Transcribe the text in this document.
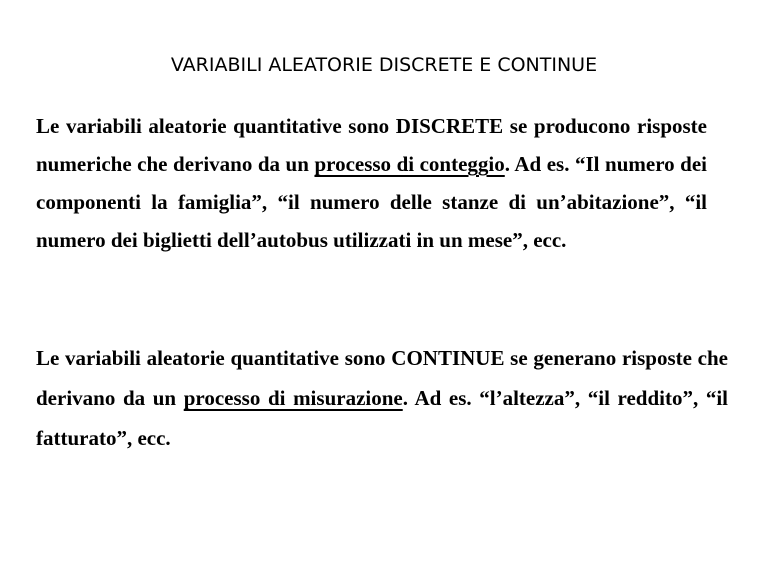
VARIABILI ALEATORIE DISCRETE E CONTINUE
Le variabili aleatorie quantitative sono DISCRETE se producono risposte numeriche che derivano da un processo di conteggio. Ad es. “Il numero dei componenti la famiglia”, “il numero delle stanze di un’abitazione”, “il numero dei biglietti dell’autobus utilizzati in un mese”, ecc.
Le variabili aleatorie quantitative sono CONTINUE se generano risposte che derivano da un processo di misurazione. Ad es. “l’altezza”, “il reddito”, “il fatturato”, ecc.
